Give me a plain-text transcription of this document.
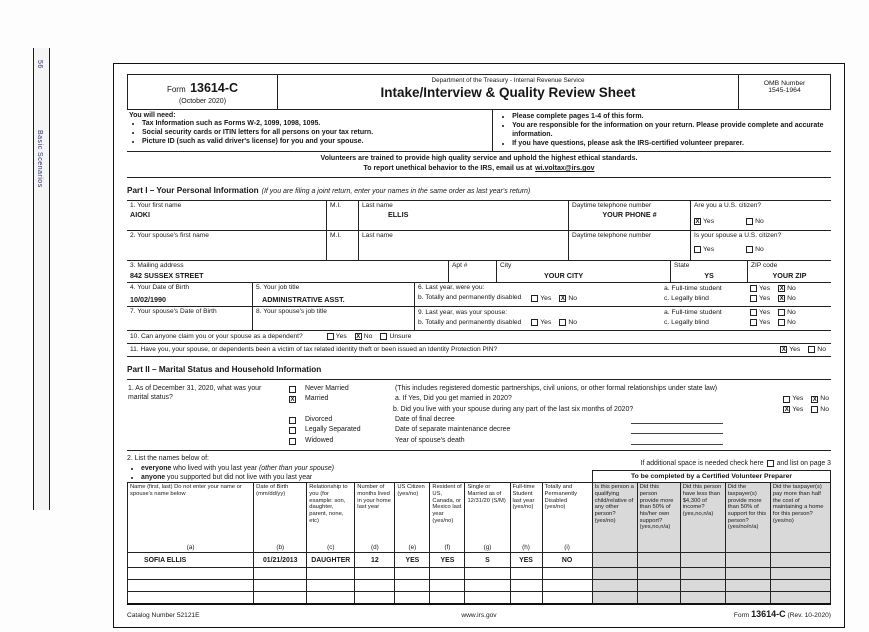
56
Basic Scenarios
Form 13614-C
(October 2020)
Department of the Treasury - Internal Revenue Service
Intake/Interview & Quality Review Sheet
OMB Number
1545-1964
You will need:
• Tax Information such as Forms W-2, 1099, 1098, 1095.
• Social security cards or ITIN letters for all persons on your tax return.
• Picture ID (such as valid driver's license) for you and your spouse.
• Please complete pages 1-4 of this form.
• You are responsible for the information on your return. Please provide complete and accurate information.
• If you have questions, please ask the IRS-certified volunteer preparer.
Volunteers are trained to provide high quality service and uphold the highest ethical standards.
To report unethical behavior to the IRS, email us at wi.voltax@irs.gov
Part I – Your Personal Information (If you are filing a joint return, enter your names in the same order as last year's return)
1. Your first name
AIOKI
M.I.	Last name
ELLIS
Daytime telephone number
YOUR PHONE #
Are you a U.S. citizen?
X Yes	No
2. Your spouse's first name	M.I.	Last name	Daytime telephone number	Is your spouse a U.S. citizen?
Yes	No
3. Mailing address
842 SUSSEX STREET
Apt #	City
YOUR CITY
State
YS
ZIP code
YOUR ZIP
4. Your Date of Birth
10/02/1990
5. Your job title
ADMINISTRATIVE ASST.
6. Last year, were you:	a. Full-time student	Yes X No
b. Totally and permanently disabled	Yes X No	c. Legally blind	Yes X No
7. Your spouse's Date of Birth	8. Your spouse's job title	9. Last year, was your spouse:	a. Full-time student	Yes	No
b. Totally and permanently disabled	Yes	No	c. Legally blind	Yes	No
10. Can anyone claim you or your spouse as a dependent?	Yes X No	Unsure
11. Have you, your spouse, or dependents been a victim of tax related identity theft or been issued an Identity Protection PIN?	X Yes	No
Part II – Marital Status and Household Information
1. As of December 31, 2020, what was your marital status?
Never Married	(This includes registered domestic partnerships, civil unions, or other formal relationships under state law)
X Married	a. If Yes, Did you get married in 2020?	Yes X No
b. Did you live with your spouse during any part of the last six months of 2020?	X Yes	No
Divorced	Date of final decree
Legally Separated	Date of separate maintenance decree
Widowed	Year of spouse's death
2. List the names below of:
• everyone who lived with you last year (other than your spouse)
• anyone you supported but did not live with you last year
If additional space is needed check here and list on page 3
To be completed by a Certified Volunteer Preparer
Name (first, last) Do not enter your name or spouse's name below
(a)

Date of Birth (mm/dd/yy)
(b)

Relationship to you (for example: son, daughter, parent, none, etc)
(c)

Number of months lived in your home last year
(d)

US Citizen (yes/no)
(e)

Resident of US, Canada, or Mexico last year (yes/no)
(f)

Single or Married as of 12/31/20 (S/M)
(g)

Full-time Student last year (yes/no)
(h)

Totally and Permanently Disabled (yes/no)
(i)

Is this person a qualifying child/relative of any other person? (yes/no)

Did this person provide more than 50% of his/her own support? (yes,no,n/a)

Did this person have less than $4,300 of income? (yes,no,n/a)

Did the taxpayer(s) provide more than 50% of support for this person? (yes/no/n/a)

Did the taxpayer(s) pay more than half the cost of maintaining a home for this person? (yes/no)

SOFIA ELLIS	01/21/2013	DAUGHTER	12	YES	YES	S	YES	NO					

Catalog Number 52121E	www.irs.gov	Form 13614-C (Rev. 10-2020)
